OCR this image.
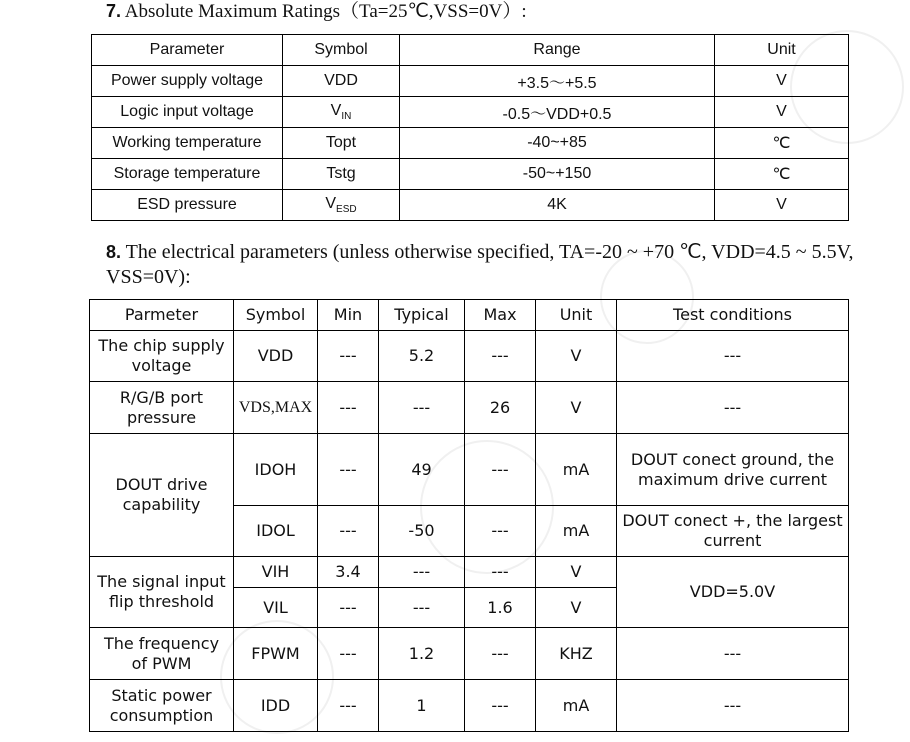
7. Absolute Maximum Ratings（Ta=25℃,VSS=0V）:
Parameter	Symbol	Range	Unit
Power supply voltage	VDD	+3.5～+5.5	V
Logic input voltage	$V_{IN}$	-0.5～VDD+0.5	V
Working temperature	Topt	-40~+85	℃
Storage temperature	Tstg	-50~+150	℃
ESD pressure	$V_{ESD}$	4K	V
8. The electrical parameters (unless otherwise specified, TA=-20 ~ +70 ℃, VDD=4.5 ~ 5.5V, VSS=0V):
Parmeter	Symbol	Min	Typical	Max	Unit	Test conditions
The chip supply voltage	VDD	---	5.2	---	V	---
R/G/B port pressure	VDS,MAX	---	---	26	V	---
DOUT drive capability	IDOH	---	49	---	mA	DOUT conect ground, the maximum drive current
	IDOL	---	-50	---	mA	DOUT conect +, the largest current
The signal input flip threshold	VIH	3.4	---	---	V	VDD=5.0V
	VIL	---	---	1.6	V	
The frequency of PWM	FPWM	---	1.2	---	KHZ	---
Static power consumption	IDD	---	1	---	mA	---
